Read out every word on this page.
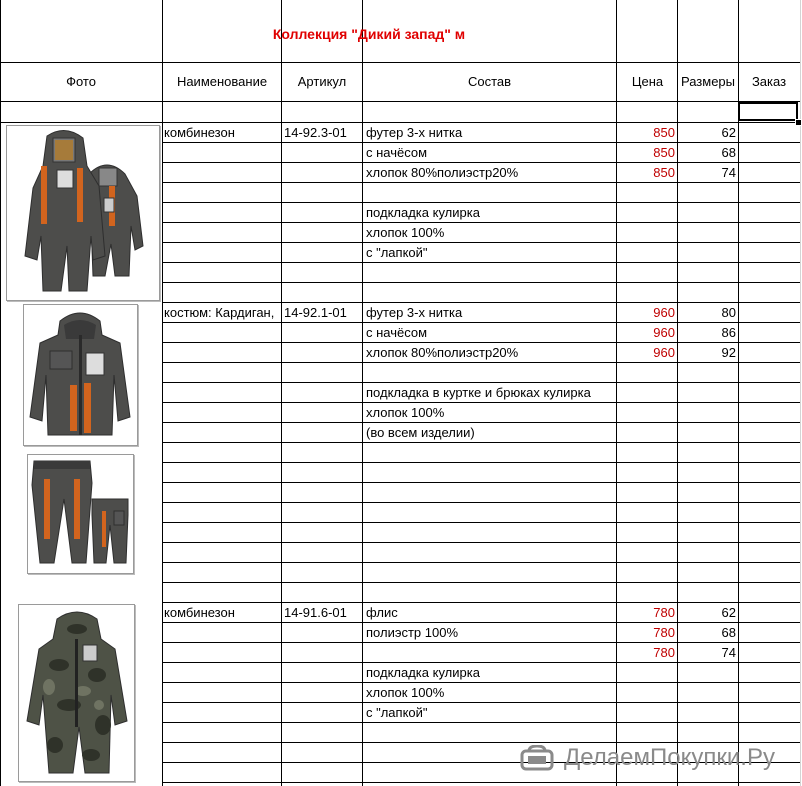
Коллекция "Дикий запад" м
Фото	Наименование	Артикул	Состав	Цена	Размеры	Заказ
комбинезон	14-92.3-01	футер 3-х нитка	850	62
с начёсом	850	68
хлопок 80%полиэстр20%	850	74
подкладка кулирка
хлопок 100%
с "лапкой"
костюм: Кардиган, 14-92.1-01	футер 3-х нитка	960	80
с начёсом	960	86
хлопок 80%полиэстр20%	960	92
подкладка в куртке и брюках кулирка
хлопок 100%
(во всем изделии)
комбинезон	14-91.6-01	флис	780	62
полиэстр 100%	780	68
780	74
подкладка кулирка
хлопок 100%
с "лапкой"
ДелаемПокупки.Ру
